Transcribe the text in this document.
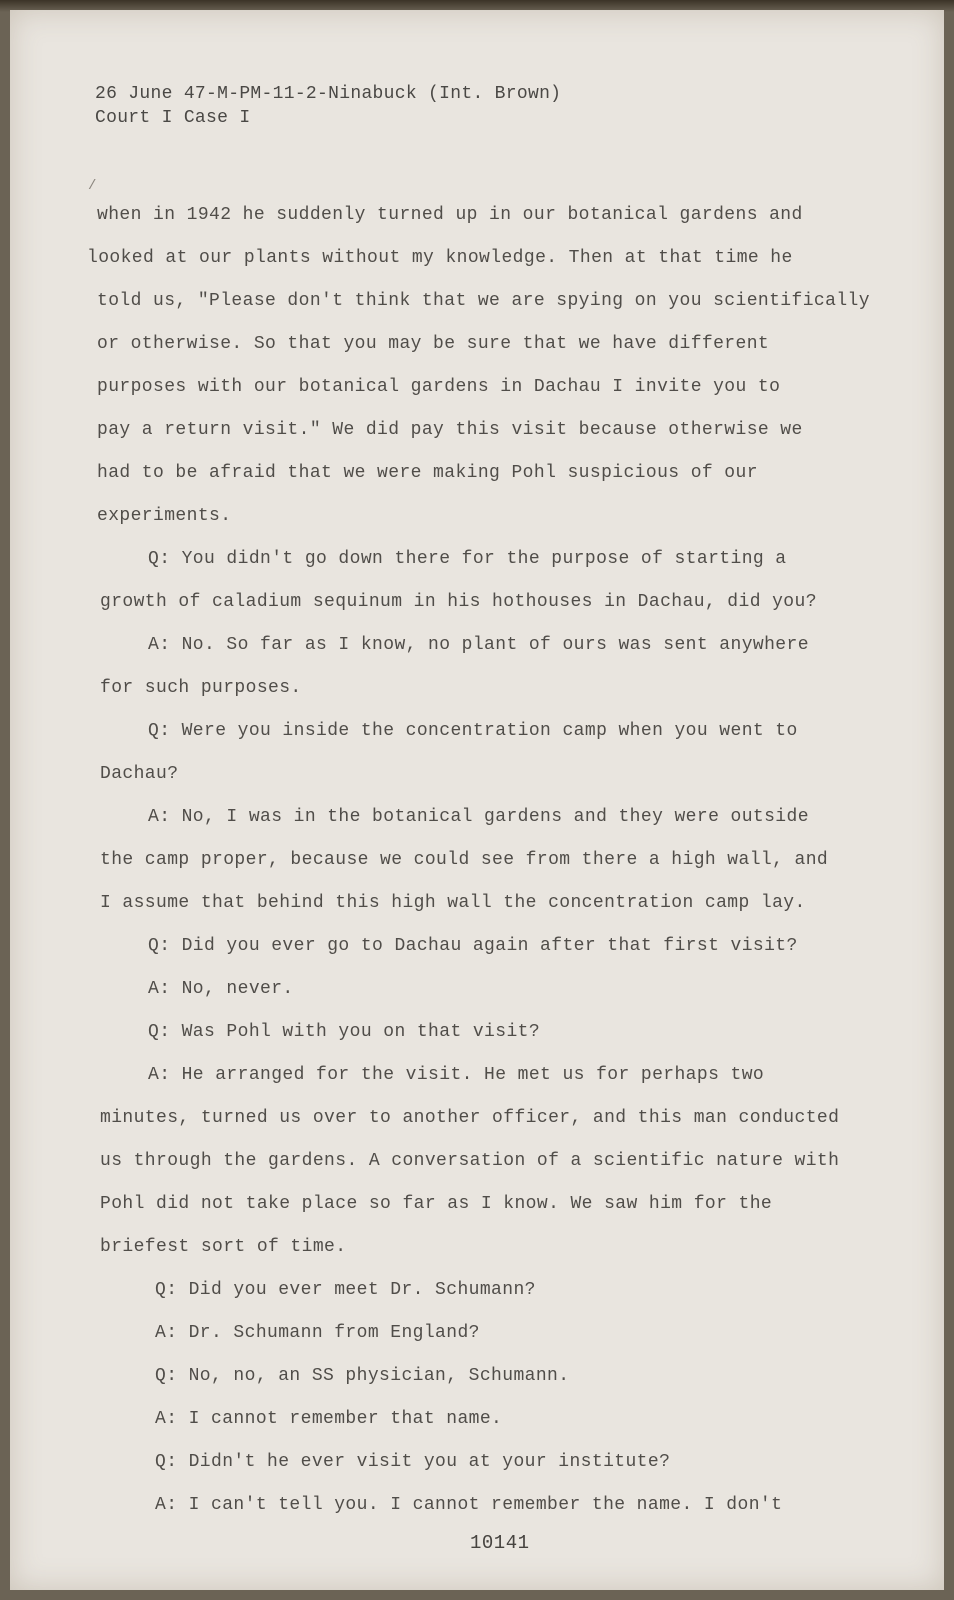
26 June 47-M-PM-11-2-Ninabuck (Int. Brown)
Court I Case I
/
when in 1942 he suddenly turned up in our botanical gardens and
looked at our plants without my knowledge. Then at that time he
told us, "Please don't think that we are spying on you scientifically
or otherwise. So that you may be sure that we have different
purposes with our botanical gardens in Dachau I invite you to
pay a return visit." We did pay this visit because otherwise we
had to be afraid that we were making Pohl suspicious of our
experiments.
Q: You didn't go down there for the purpose of starting a
growth of caladium sequinum in his hothouses in Dachau, did you?
A: No. So far as I know, no plant of ours was sent anywhere
for such purposes.
Q: Were you inside the concentration camp when you went to
Dachau?
A: No, I was in the botanical gardens and they were outside
the camp proper, because we could see from there a high wall, and
I assume that behind this high wall the concentration camp lay.
Q: Did you ever go to Dachau again after that first visit?
A: No, never.
Q: Was Pohl with you on that visit?
A: He arranged for the visit. He met us for perhaps two
minutes, turned us over to another officer, and this man conducted
us through the gardens. A conversation of a scientific nature with
Pohl did not take place so far as I know. We saw him for the
briefest sort of time.
Q: Did you ever meet Dr. Schumann?
A: Dr. Schumann from England?
Q: No, no, an SS physician, Schumann.
A: I cannot remember that name.
Q: Didn't he ever visit you at your institute?
A: I can't tell you. I cannot remember the name. I don't
10141
